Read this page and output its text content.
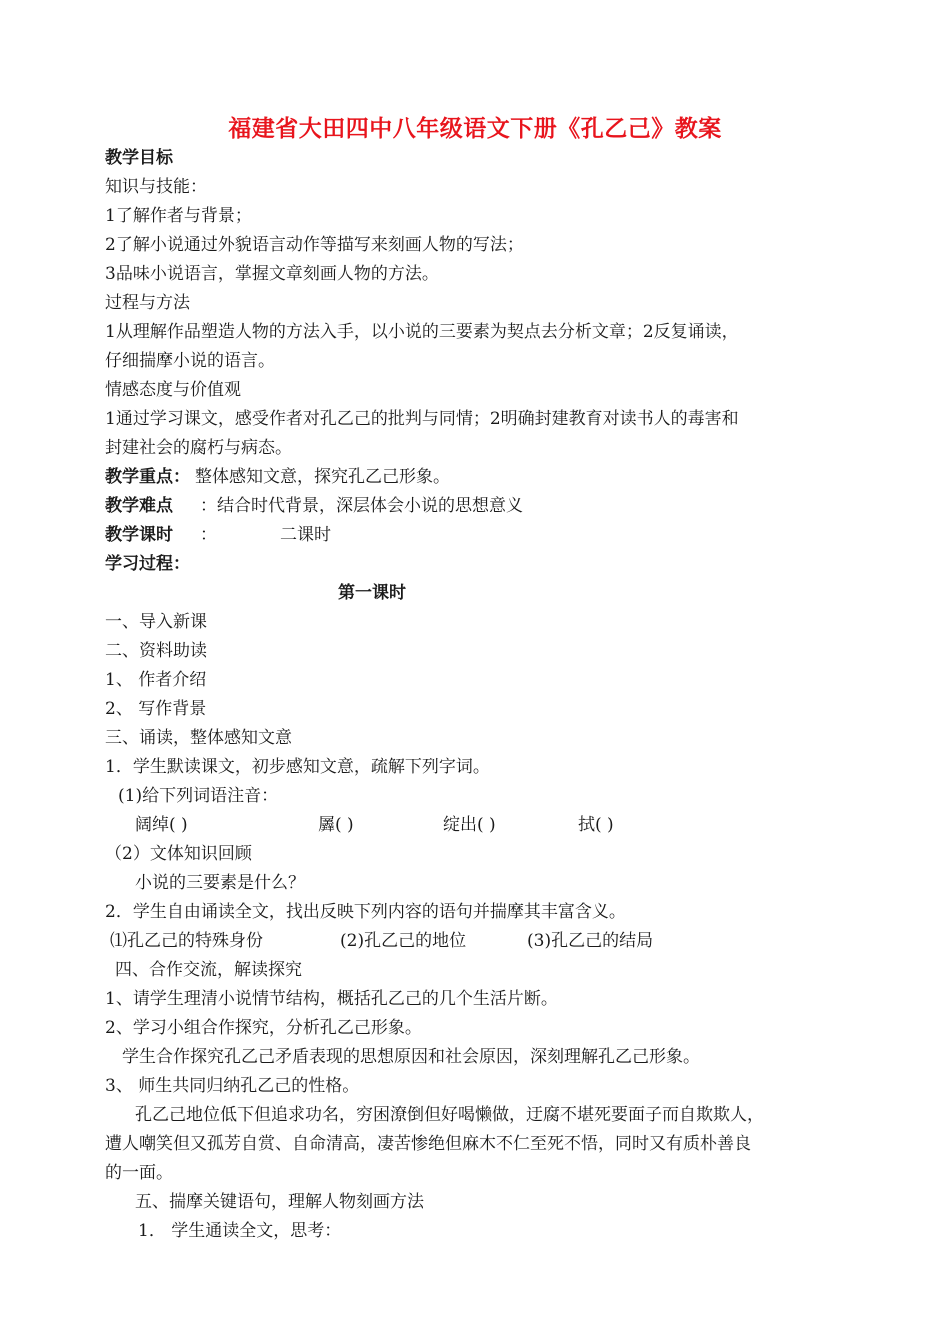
福建省大田四中八年级语文下册《孔乙己》教案
教学目标
知识与技能：
1了解作者与背景；
2了解小说通过外貌语言动作等描写来刻画人物的写法；
3品味小说语言，掌握文章刻画人物的方法。
过程与方法
1从理解作品塑造人物的方法入手，以小说的三要素为契点去分析文章；2反复诵读，
仔细揣摩小说的语言。
情感态度与价值观
1通过学习课文，感受作者对孔乙己的批判与同情；2明确封建教育对读书人的毒害和
封建社会的腐朽与病态。
教学重点： 整体感知文意，探究孔乙己形象。
教学难点 ：结合时代背景，深层体会小说的思想意义
教学课时 ：	二课时
学习过程：
第一课时
一、导入新课
二、资料助读
1、 作者介绍
2、 写作背景
三、诵读，整体感知文意
1．学生默读课文，初步感知文意，疏解下列字词。
(1)给下列词语注音：
阔绰( )	羼( )	绽出( )	拭( )
（2）文体知识回顾
小说的三要素是什么？
2．学生自由诵读全文，找出反映下列内容的语句并揣摩其丰富含义。
⑴孔乙己的特殊身份	(2)孔乙己的地位	(3)孔乙己的结局
四、合作交流，解读探究
1、请学生理清小说情节结构，概括孔乙己的几个生活片断。
2、学习小组合作探究，分析孔乙己形象。
学生合作探究孔乙己矛盾表现的思想原因和社会原因，深刻理解孔乙己形象。
3、 师生共同归纳孔乙己的性格。
孔乙己地位低下但追求功名，穷困潦倒但好喝懒做，迂腐不堪死要面子而自欺欺人，
遭人嘲笑但又孤芳自赏、自命清高，凄苦惨绝但麻木不仁至死不悟，同时又有质朴善良
的一面。
五、揣摩关键语句，理解人物刻画方法
1． 学生通读全文，思考：
